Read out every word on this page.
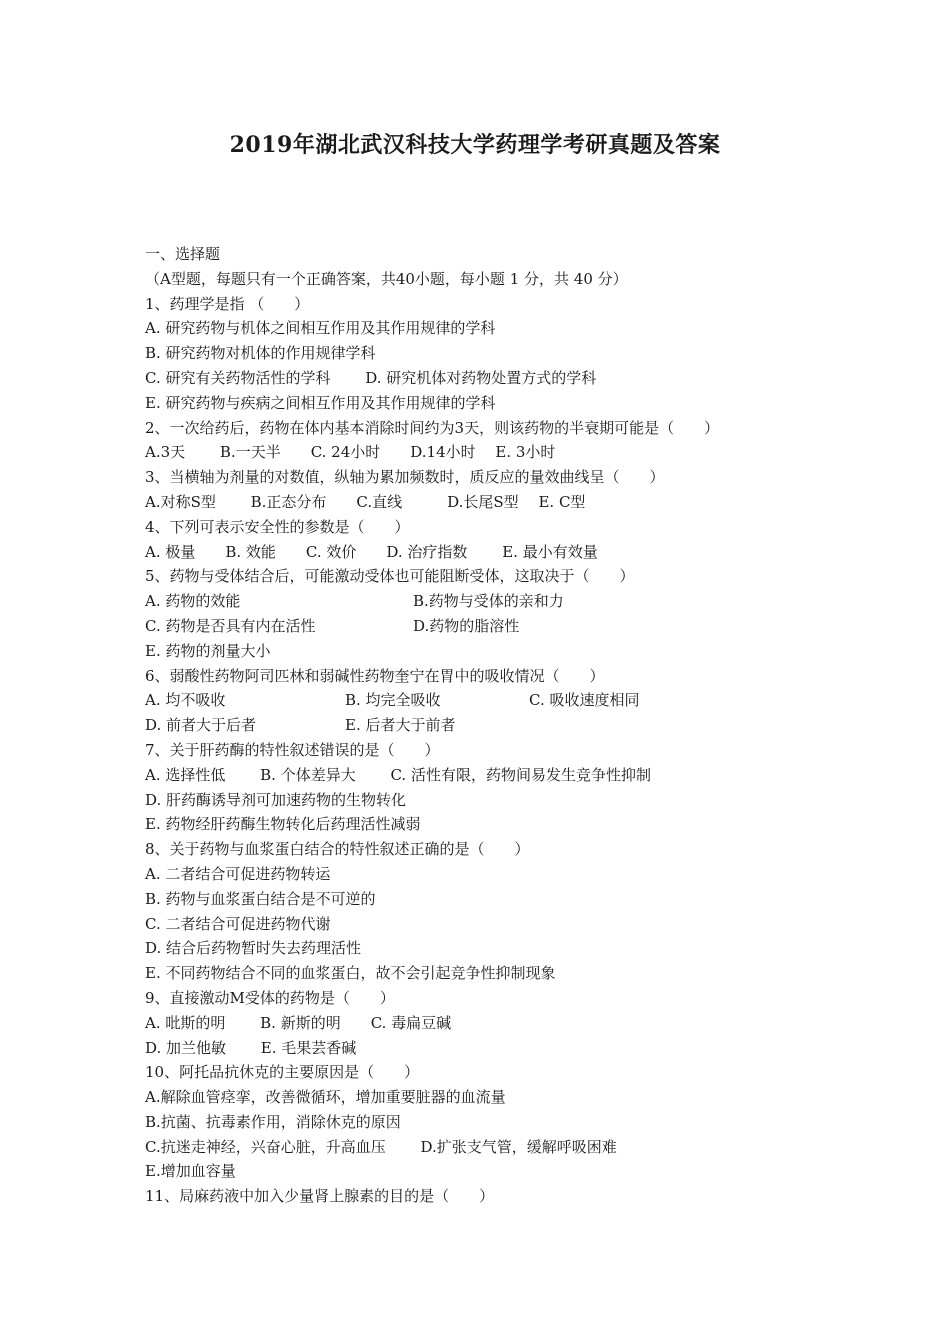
2019年湖北武汉科技大学药理学考研真题及答案
一、选择题
（A型题，每题只有一个正确答案，共40小题，每小题 1 分，共 40 分）
1、药理学是指 （　　）
A. 研究药物与机体之间相互作用及其作用规律的学科
B. 研究药物对机体的作用规律学科
C. 研究有关药物活性的学科　　 D. 研究机体对药物处置方式的学科
E. 研究药物与疾病之间相互作用及其作用规律的学科
2、一次给药后，药物在体内基本消除时间约为3天，则该药物的半衰期可能是（　　）
A.3天　　 B.一天半　　C. 24小时　　D.14小时　 E. 3小时
3、当横轴为剂量的对数值，纵轴为累加频数时，质反应的量效曲线呈（　　）
A.对称S型　　 B.正态分布　　C.直线　　　D.长尾S型　 E. C型
4、下列可表示安全性的参数是（　　）
A. 极量　　B. 效能　　C. 效价　　D. 治疗指数　　 E. 最小有效量
5、药物与受体结合后，可能激动受体也可能阻断受体，这取决于（　　）
A. 药物的效能	B.药物与受体的亲和力
C. 药物是否具有内在活性	D.药物的脂溶性
E. 药物的剂量大小
6、弱酸性药物阿司匹林和弱碱性药物奎宁在胃中的吸收情况（　　）
A. 均不吸收	B. 均完全吸收	C. 吸收速度相同
D. 前者大于后者	E. 后者大于前者
7、关于肝药酶的特性叙述错误的是（　　）
A. 选择性低　　 B. 个体差异大　　 C. 活性有限，药物间易发生竞争性抑制
D. 肝药酶诱导剂可加速药物的生物转化
E. 药物经肝药酶生物转化后药理活性减弱
8、关于药物与血浆蛋白结合的特性叙述正确的是（　　）
A. 二者结合可促进药物转运
B. 药物与血浆蛋白结合是不可逆的
C. 二者结合可促进药物代谢
D. 结合后药物暂时失去药理活性
E. 不同药物结合不同的血浆蛋白，故不会引起竞争性抑制现象
9、直接激动M受体的药物是（　　）
A. 吡斯的明　　 B. 新斯的明　　C. 毒扁豆碱
D. 加兰他敏　　 E. 毛果芸香碱
10、阿托品抗休克的主要原因是（　　）
A.解除血管痉挛，改善微循环，增加重要脏器的血流量
B.抗菌、抗毒素作用，消除休克的原因
C.抗迷走神经，兴奋心脏，升高血压　　 D.扩张支气管，缓解呼吸困难
E.增加血容量
11、局麻药液中加入少量肾上腺素的目的是（　　）
